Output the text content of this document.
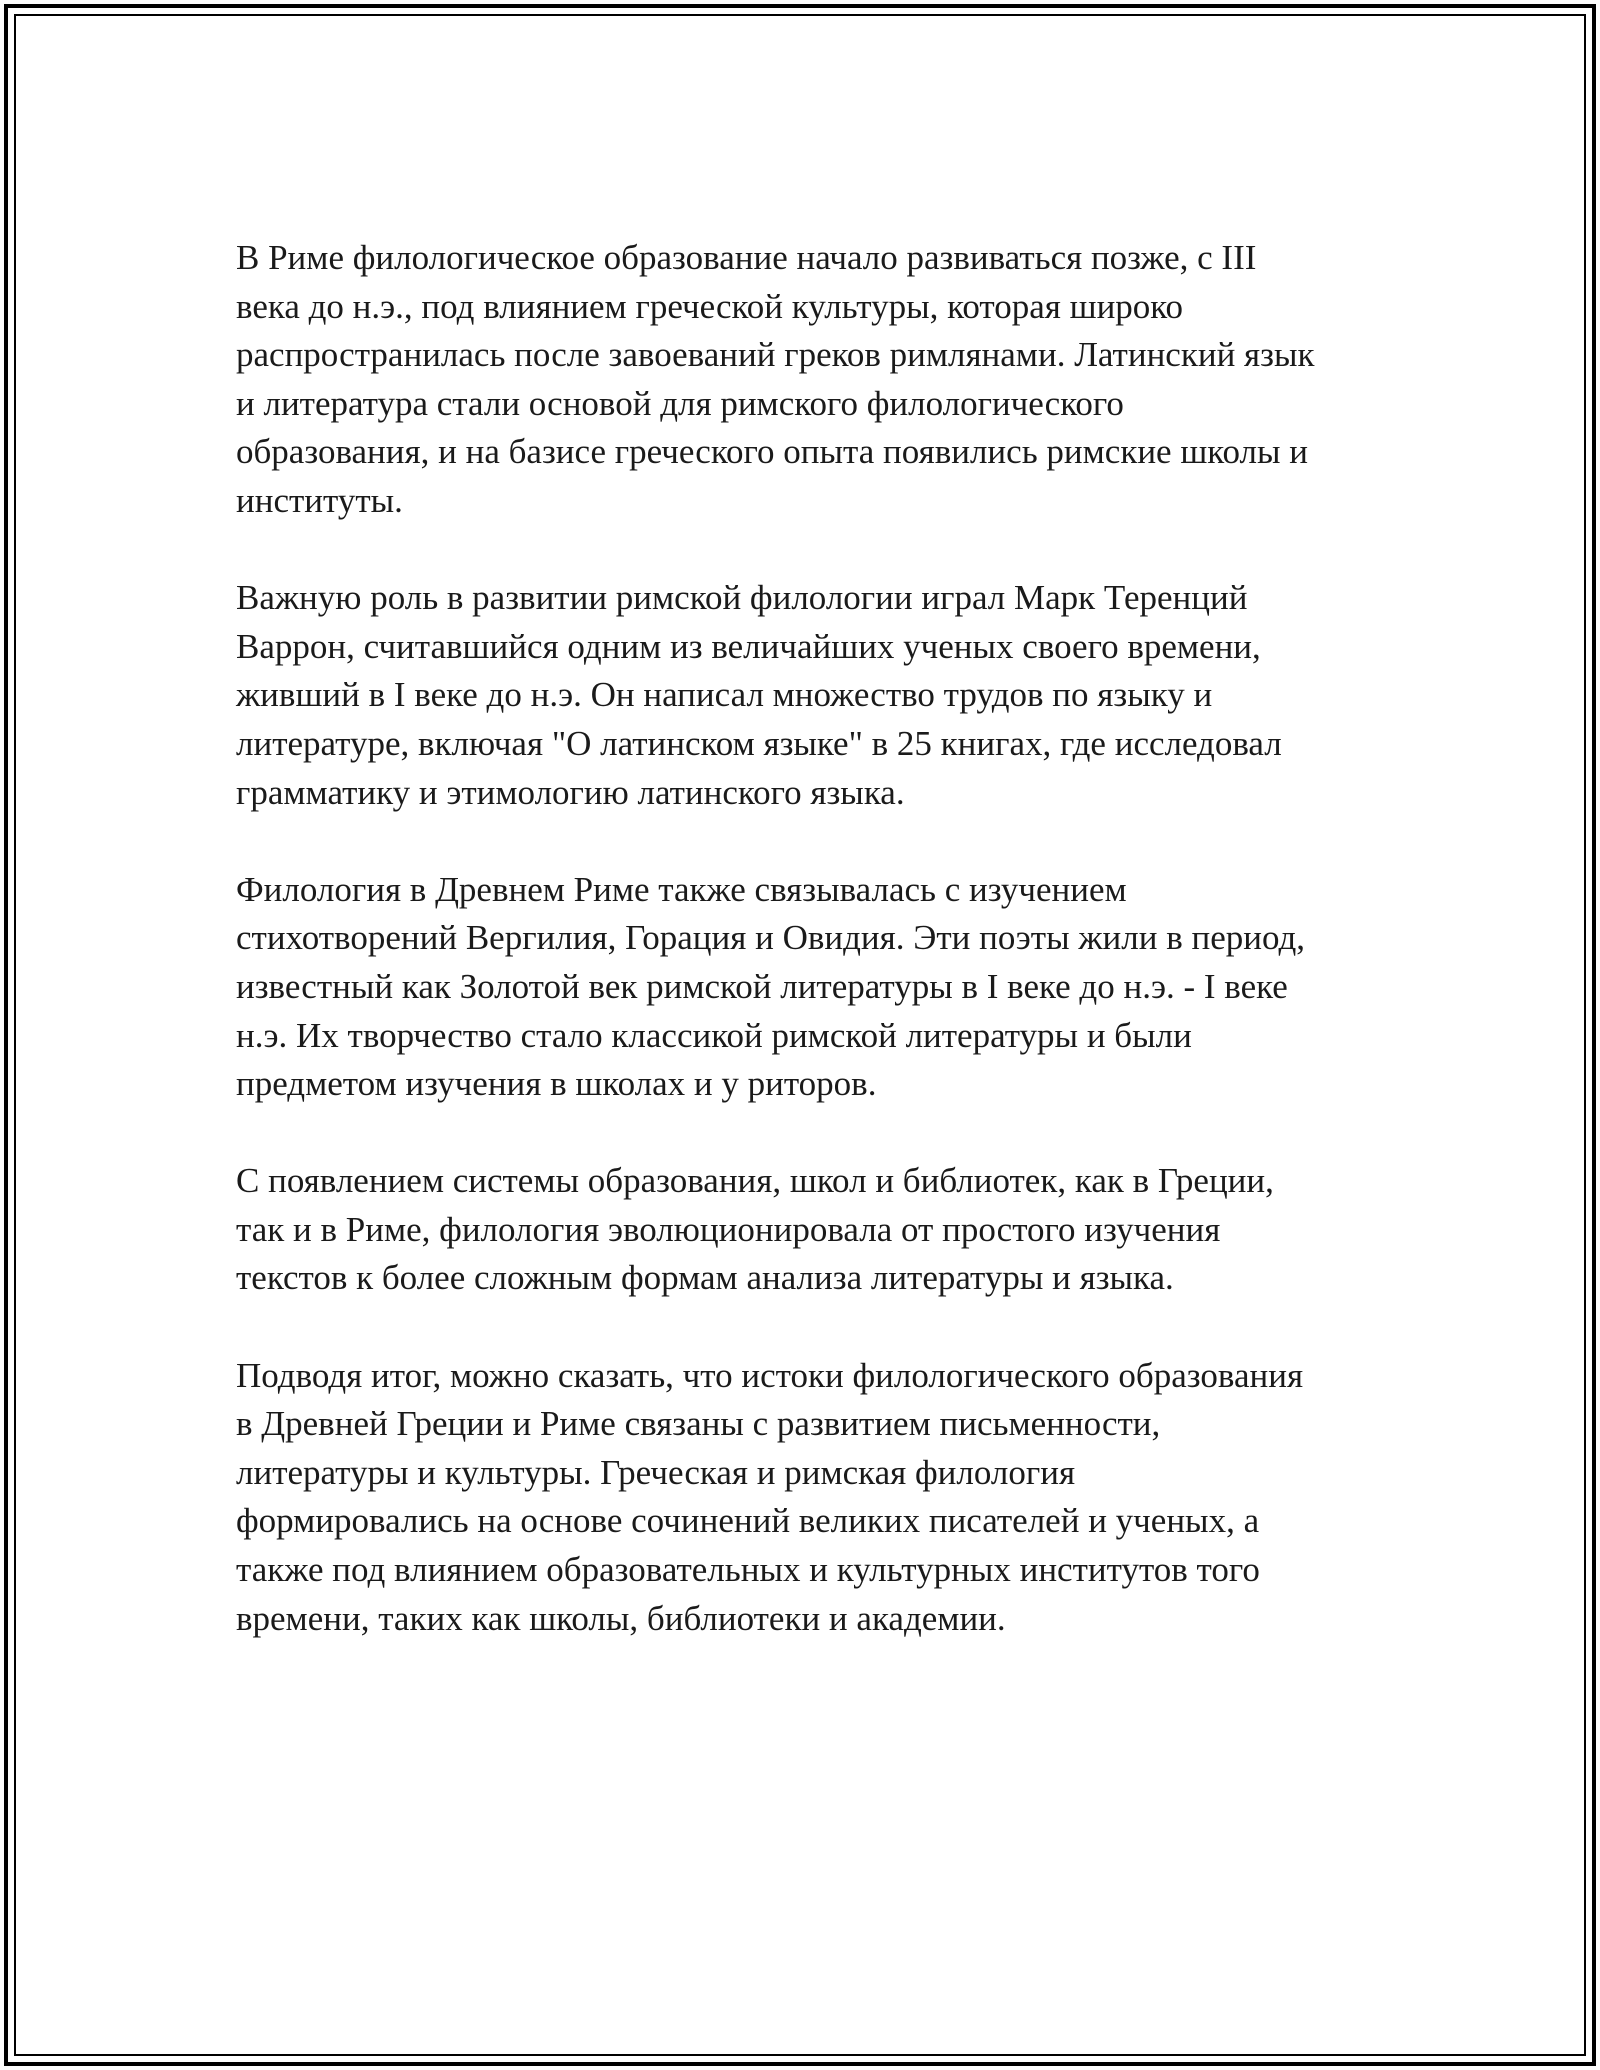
В Риме филологическое образование начало развиваться позже, с III
века до н.э., под влиянием греческой культуры, которая широко
распространилась после завоеваний греков римлянами. Латинский язык
и литература стали основой для римского филологического
образования, и на базисе греческого опыта появились римские школы и
институты.

Важную роль в развитии римской филологии играл Марк Теренций
Варрон, считавшийся одним из величайших ученых своего времени,
живший в I веке до н.э. Он написал множество трудов по языку и
литературе, включая "О латинском языке" в 25 книгах, где исследовал
грамматику и этимологию латинского языка.

Филология в Древнем Риме также связывалась с изучением
стихотворений Вергилия, Горация и Овидия. Эти поэты жили в период,
известный как Золотой век римской литературы в I веке до н.э. - I веке
н.э. Их творчество стало классикой римской литературы и были
предметом изучения в школах и у риторов.

С появлением системы образования, школ и библиотек, как в Греции,
так и в Риме, филология эволюционировала от простого изучения
текстов к более сложным формам анализа литературы и языка.

Подводя итог, можно сказать, что истоки филологического образования
в Древней Греции и Риме связаны с развитием письменности,
литературы и культуры. Греческая и римская филология
формировались на основе сочинений великих писателей и ученых, а
также под влиянием образовательных и культурных институтов того
времени, таких как школы, библиотеки и академии.
